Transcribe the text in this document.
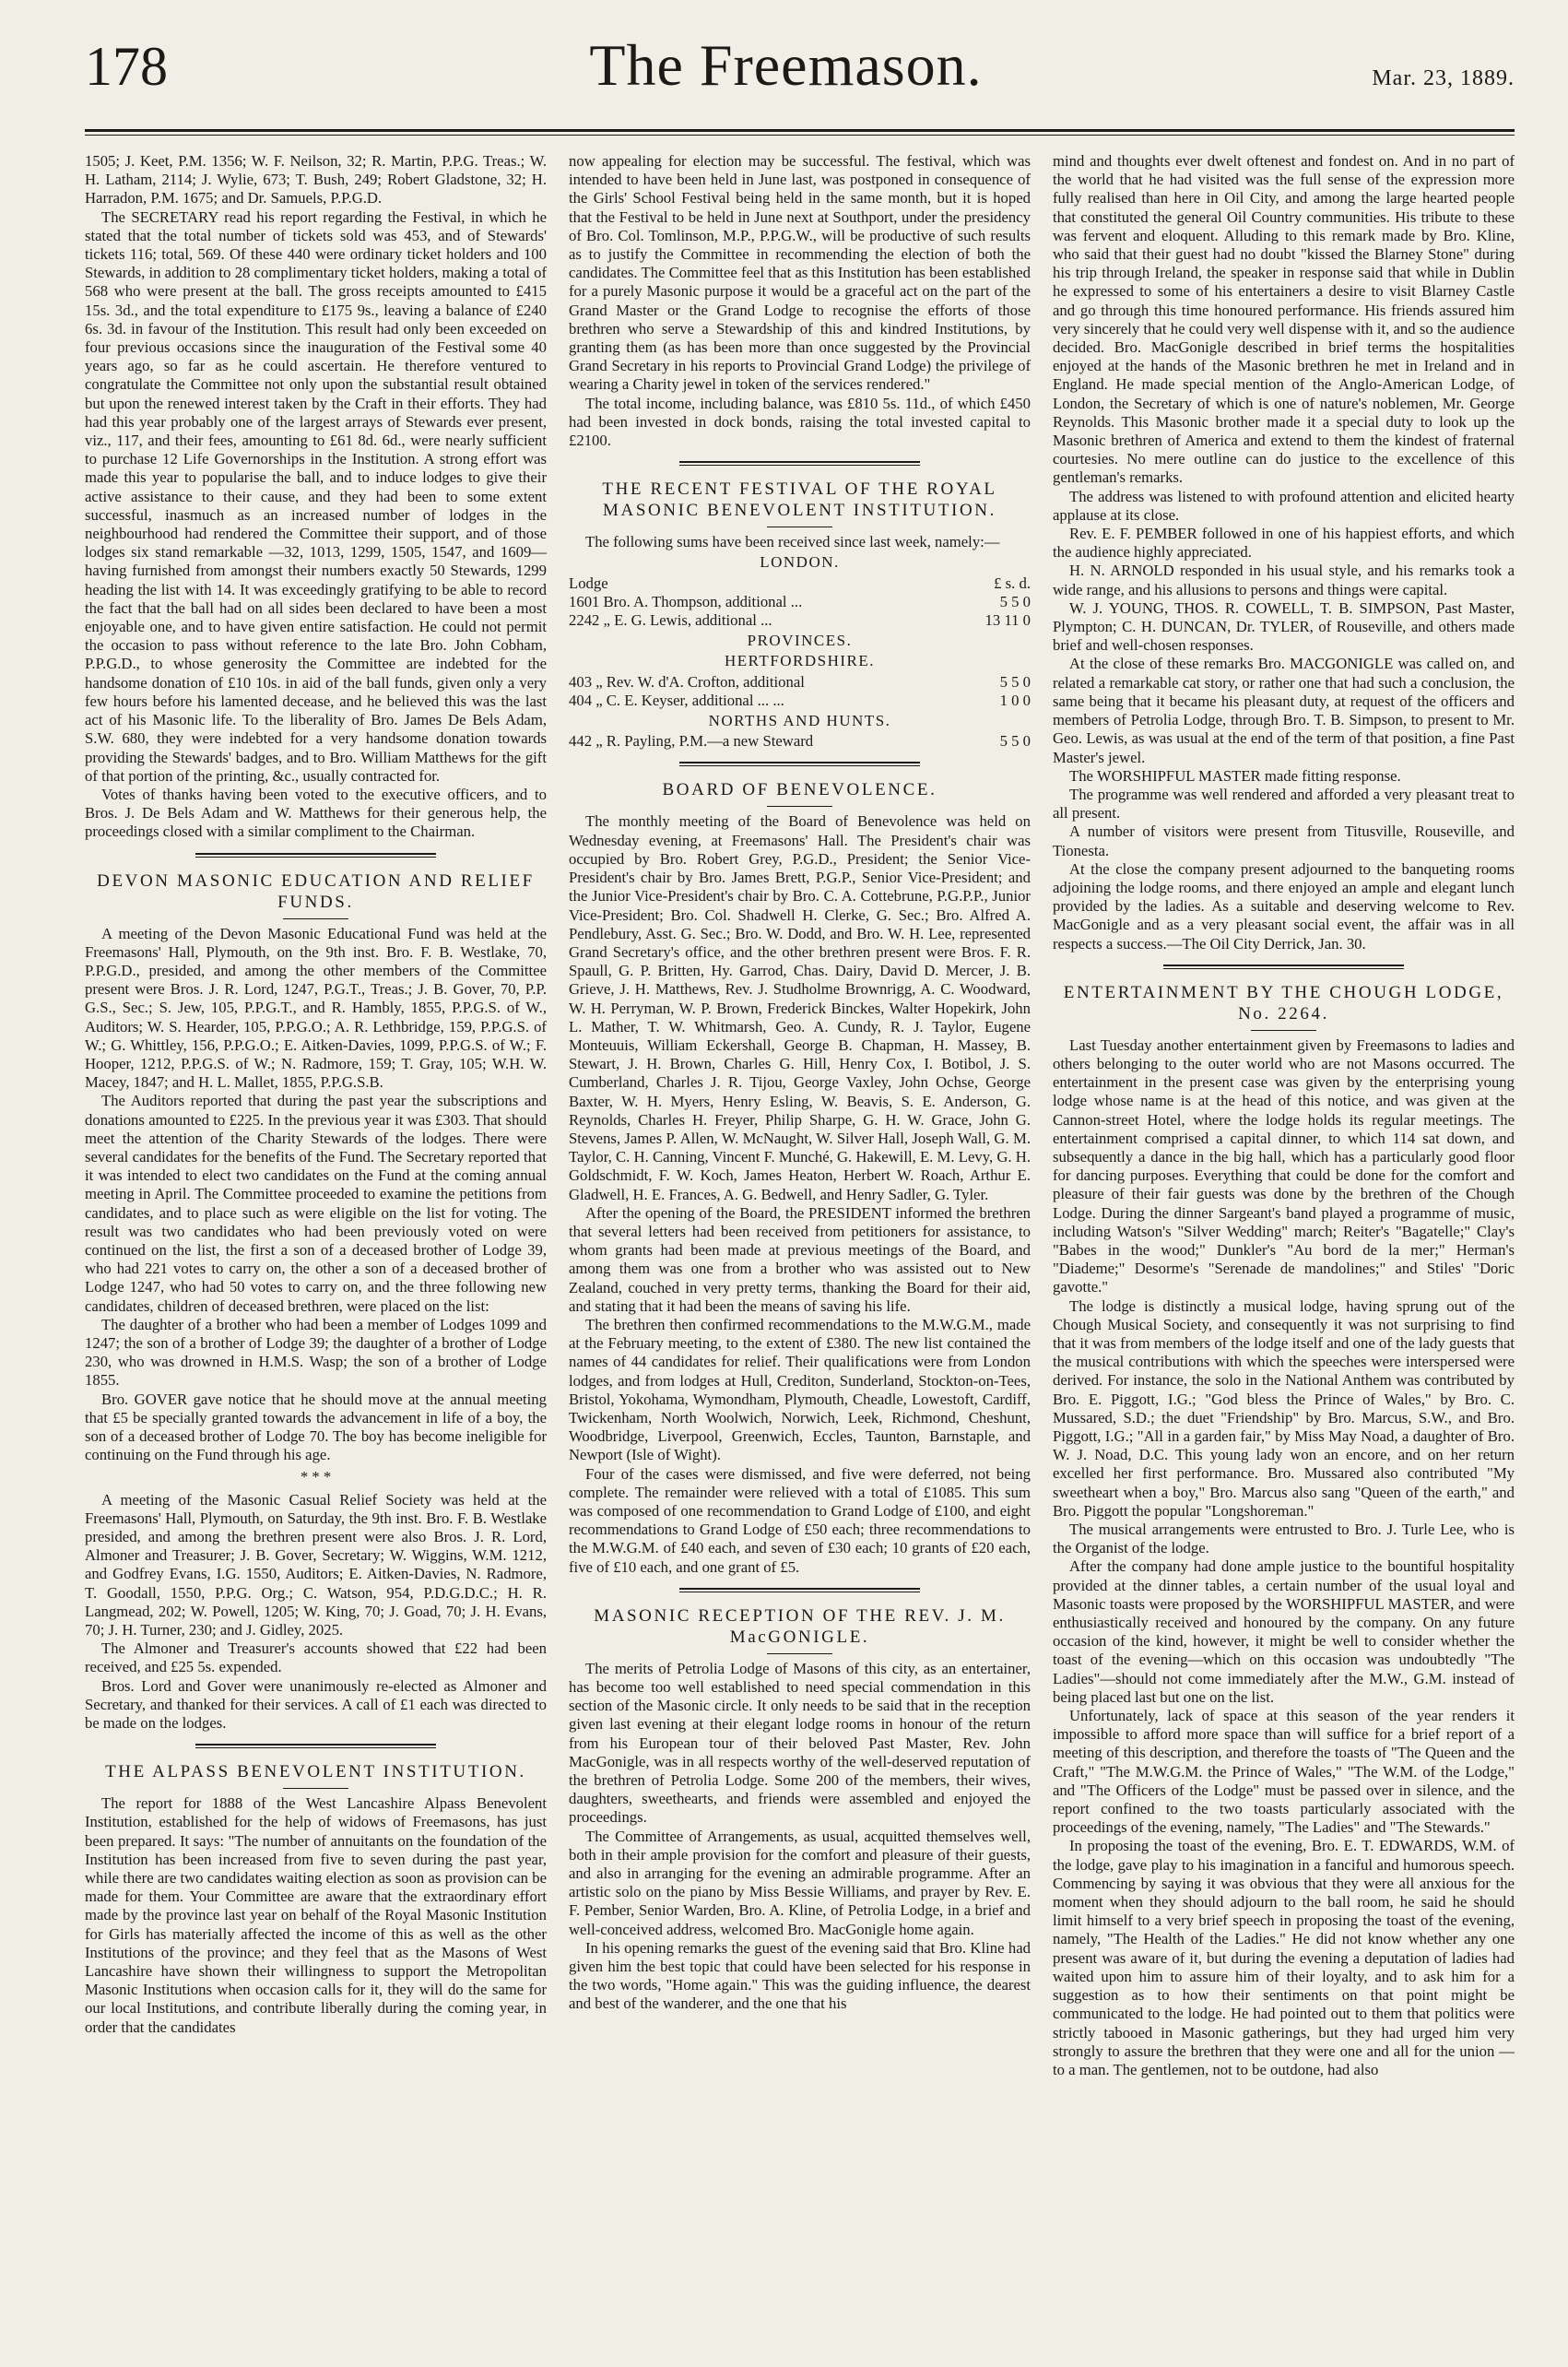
178	The Freemason.	Mar. 23, 1889.

1505; J. Keet, P.M. 1356; W. F. Neilson, 32; R. Martin, P.P.G. Treas.; W. H. Latham, 2114; J. Wylie, 673; T. Bush, 249; Robert Gladstone, 32; H. Harradon, P.M. 1675; and Dr. Samuels, P.P.G.D.

The SECRETARY read his report regarding the Festival, in which he stated that the total number of tickets sold was 453, and of Stewards' tickets 116; total, 569. Of these 440 were ordinary ticket holders and 100 Stewards, in addition to 28 complimentary ticket holders, making a total of 568 who were present at the ball. The gross receipts amounted to £415 15s. 3d., and the total expenditure to £175 9s., leaving a balance of £240 6s. 3d. in favour of the Institution. This result had only been exceeded on four previous occasions since the inauguration of the Festival some 40 years ago, so far as he could ascertain. He therefore ventured to congratulate the Committee not only upon the substantial result obtained but upon the renewed interest taken by the Craft in their efforts. They had had this year probably one of the largest arrays of Stewards ever present, viz., 117, and their fees, amounting to £61 8d. 6d., were nearly sufficient to purchase 12 Life Governorships in the Institution. A strong effort was made this year to popularise the ball, and to induce lodges to give their active assistance to their cause, and they had been to some extent successful, inasmuch as an increased number of lodges in the neighbourhood had rendered the Committee their support, and of those lodges six stand remarkable —32, 1013, 1299, 1505, 1547, and 1609—having furnished from amongst their numbers exactly 50 Stewards, 1299 heading the list with 14. It was exceedingly gratifying to be able to record the fact that the ball had on all sides been declared to have been a most enjoyable one, and to have given entire satisfaction. He could not permit the occasion to pass without reference to the late Bro. John Cobham, P.P.G.D., to whose generosity the Committee are indebted for the handsome donation of £10 10s. in aid of the ball funds, given only a very few hours before his lamented decease, and he believed this was the last act of his Masonic life. To the liberality of Bro. James De Bels Adam, S.W. 680, they were indebted for a very handsome donation towards providing the Stewards' badges, and to Bro. William Matthews for the gift of that portion of the printing, &c., usually contracted for.

Votes of thanks having been voted to the executive officers, and to Bros. J. De Bels Adam and W. Matthews for their generous help, the proceedings closed with a similar compliment to the Chairman.

DEVON MASONIC EDUCATION AND RELIEF FUNDS.

A meeting of the Devon Masonic Educational Fund was held at the Freemasons' Hall, Plymouth, on the 9th inst. Bro. F. B. Westlake, 70, P.P.G.D., presided, and among the other members of the Committee present were Bros. J. R. Lord, 1247, P.G.T., Treas.; J. B. Gover, 70, P.P. G.S., Sec.; S. Jew, 105, P.P.G.T., and R. Hambly, 1855, P.P.G.S. of W., Auditors; W. S. Hearder, 105, P.P.G.O.; A. R. Lethbridge, 159, P.P.G.S. of W.; G. Whittley, 156, P.P.G.O.; E. Aitken-Davies, 1099, P.P.G.S. of W.; F. Hooper, 1212, P.P.G.S. of W.; N. Radmore, 159; T. Gray, 105; W.H. W. Macey, 1847; and H. L. Mallet, 1855, P.P.G.S.B.

The Auditors reported that during the past year the subscriptions and donations amounted to £225. In the previous year it was £303. That should meet the attention of the Charity Stewards of the lodges. There were several candidates for the benefits of the Fund. The Secretary reported that it was intended to elect two candidates on the Fund at the coming annual meeting in April. The Committee proceeded to examine the petitions from candidates, and to place such as were eligible on the list for voting. The result was two candidates who had been previously voted on were continued on the list, the first a son of a deceased brother of Lodge 39, who had 221 votes to carry on, the other a son of a deceased brother of Lodge 1247, who had 50 votes to carry on, and the three following new candidates, children of deceased brethren, were placed on the list:

The daughter of a brother who had been a member of Lodges 1099 and 1247; the son of a brother of Lodge 39; the daughter of a brother of Lodge 230, who was drowned in H.M.S. Wasp; the son of a brother of Lodge 1855.

Bro. GOVER gave notice that he should move at the annual meeting that £5 be specially granted towards the advancement in life of a boy, the son of a deceased brother of Lodge 70. The boy has become ineligible for continuing on the Fund through his age.

* * *

A meeting of the Masonic Casual Relief Society was held at the Freemasons' Hall, Plymouth, on Saturday, the 9th inst. Bro. F. B. Westlake presided, and among the brethren present were also Bros. J. R. Lord, Almoner and Treasurer; J. B. Gover, Secretary; W. Wiggins, W.M. 1212, and Godfrey Evans, I.G. 1550, Auditors; E. Aitken-Davies, N. Radmore, T. Goodall, 1550, P.P.G. Org.; C. Watson, 954, P.D.G.D.C.; H. R. Langmead, 202; W. Powell, 1205; W. King, 70; J. Goad, 70; J. H. Evans, 70; J. H. Turner, 230; and J. Gidley, 2025.

The Almoner and Treasurer's accounts showed that £22 had been received, and £25 5s. expended.

Bros. Lord and Gover were unanimously re-elected as Almoner and Secretary, and thanked for their services. A call of £1 each was directed to be made on the lodges.

THE ALPASS BENEVOLENT INSTITUTION.

The report for 1888 of the West Lancashire Alpass Benevolent Institution, established for the help of widows of Freemasons, has just been prepared. It says: "The number of annuitants on the foundation of the Institution has been increased from five to seven during the past year, while there are two candidates waiting election as soon as provision can be made for them. Your Committee are aware that the extraordinary effort made by the province last year on behalf of the Royal Masonic Institution for Girls has materially affected the income of this as well as the other Institutions of the province; and they feel that as the Masons of West Lancashire have shown their willingness to support the Metropolitan Masonic Institutions when occasion calls for it, they will do the same for our local Institutions, and contribute liberally during the coming year, in order that the candidates

now appealing for election may be successful. The festival, which was intended to have been held in June last, was postponed in consequence of the Girls' School Festival being held in the same month, but it is hoped that the Festival to be held in June next at Southport, under the presidency of Bro. Col. Tomlinson, M.P., P.P.G.W., will be productive of such results as to justify the Committee in recommending the election of both the candidates. The Committee feel that as this Institution has been established for a purely Masonic purpose it would be a graceful act on the part of the Grand Master or the Grand Lodge to recognise the efforts of those brethren who serve a Stewardship of this and kindred Institutions, by granting them (as has been more than once suggested by the Provincial Grand Secretary in his reports to Provincial Grand Lodge) the privilege of wearing a Charity jewel in token of the services rendered."

The total income, including balance, was £810 5s. 11d., of which £450 had been invested in dock bonds, raising the total invested capital to £2100.

THE RECENT FESTIVAL OF THE ROYAL MASONIC BENEVOLENT INSTITUTION.

The following sums have been received since last week, namely:—

LONDON.
Lodge	£ s. d.
1601 Bro. A. Thompson, additional ...	5 5 0
2242 „ E. G. Lewis, additional ...	13 11 0
PROVINCES.
HERTFORDSHIRE.
403 „ Rev. W. d'A. Crofton, additional	5 5 0
404 „ C. E. Keyser, additional ... ...	1 0 0
NORTHS AND HUNTS.
442 „ R. Payling, P.M.—a new Steward	5 5 0
BOARD OF BENEVOLENCE.

The monthly meeting of the Board of Benevolence was held on Wednesday evening, at Freemasons' Hall. The President's chair was occupied by Bro. Robert Grey, P.G.D., President; the Senior Vice-President's chair by Bro. James Brett, P.G.P., Senior Vice-President; and the Junior Vice-President's chair by Bro. C. A. Cottebrune, P.G.P.P., Junior Vice-President; Bro. Col. Shadwell H. Clerke, G. Sec.; Bro. Alfred A. Pendlebury, Asst. G. Sec.; Bro. W. Dodd, and Bro. W. H. Lee, represented Grand Secretary's office, and the other brethren present were Bros. F. R. Spaull, G. P. Britten, Hy. Garrod, Chas. Dairy, David D. Mercer, J. B. Grieve, J. H. Matthews, Rev. J. Studholme Brownrigg, A. C. Woodward, W. H. Perryman, W. P. Brown, Frederick Binckes, Walter Hopekirk, John L. Mather, T. W. Whitmarsh, Geo. A. Cundy, R. J. Taylor, Eugene Monteuuis, William Eckershall, George B. Chapman, H. Massey, B. Stewart, J. H. Brown, Charles G. Hill, Henry Cox, I. Botibol, J. S. Cumberland, Charles J. R. Tijou, George Vaxley, John Ochse, George Baxter, W. H. Myers, Henry Esling, W. Beavis, S. E. Anderson, G. Reynolds, Charles H. Freyer, Philip Sharpe, G. H. W. Grace, John G. Stevens, James P. Allen, W. McNaught, W. Silver Hall, Joseph Wall, G. M. Taylor, C. H. Canning, Vincent F. Munché, G. Hakewill, E. M. Levy, G. H. Goldschmidt, F. W. Koch, James Heaton, Herbert W. Roach, Arthur E. Gladwell, H. E. Frances, A. G. Bedwell, and Henry Sadler, G. Tyler.

After the opening of the Board, the PRESIDENT informed the brethren that several letters had been received from petitioners for assistance, to whom grants had been made at previous meetings of the Board, and among them was one from a brother who was assisted out to New Zealand, couched in very pretty terms, thanking the Board for their aid, and stating that it had been the means of saving his life.

The brethren then confirmed recommendations to the M.W.G.M., made at the February meeting, to the extent of £380. The new list contained the names of 44 candidates for relief. Their qualifications were from London lodges, and from lodges at Hull, Crediton, Sunderland, Stockton-on-Tees, Bristol, Yokohama, Wymondham, Plymouth, Cheadle, Lowestoft, Cardiff, Twickenham, North Woolwich, Norwich, Leek, Richmond, Cheshunt, Woodbridge, Liverpool, Greenwich, Eccles, Taunton, Barnstaple, and Newport (Isle of Wight).

Four of the cases were dismissed, and five were deferred, not being complete. The remainder were relieved with a total of £1085. This sum was composed of one recommendation to Grand Lodge of £100, and eight recommendations to Grand Lodge of £50 each; three recommendations to the M.W.G.M. of £40 each, and seven of £30 each; 10 grants of £20 each, five of £10 each, and one grant of £5.

MASONIC RECEPTION OF THE REV. J. M. MacGONIGLE.

The merits of Petrolia Lodge of Masons of this city, as an entertainer, has become too well established to need special commendation in this section of the Masonic circle. It only needs to be said that in the reception given last evening at their elegant lodge rooms in honour of the return from his European tour of their beloved Past Master, Rev. John MacGonigle, was in all respects worthy of the well-deserved reputation of the brethren of Petrolia Lodge. Some 200 of the members, their wives, daughters, sweethearts, and friends were assembled and enjoyed the proceedings.

The Committee of Arrangements, as usual, acquitted themselves well, both in their ample provision for the comfort and pleasure of their guests, and also in arranging for the evening an admirable programme. After an artistic solo on the piano by Miss Bessie Williams, and prayer by Rev. E. F. Pember, Senior Warden, Bro. A. Kline, of Petrolia Lodge, in a brief and well-conceived address, welcomed Bro. MacGonigle home again.

In his opening remarks the guest of the evening said that Bro. Kline had given him the best topic that could have been selected for his response in the two words, "Home again." This was the guiding influence, the dearest and best of the wanderer, and the one that his

mind and thoughts ever dwelt oftenest and fondest on. And in no part of the world that he had visited was the full sense of the expression more fully realised than here in Oil City, and among the large hearted people that constituted the general Oil Country communities. His tribute to these was fervent and eloquent. Alluding to this remark made by Bro. Kline, who said that their guest had no doubt "kissed the Blarney Stone" during his trip through Ireland, the speaker in response said that while in Dublin he expressed to some of his entertainers a desire to visit Blarney Castle and go through this time honoured performance. His friends assured him very sincerely that he could very well dispense with it, and so the audience decided. Bro. MacGonigle described in brief terms the hospitalities enjoyed at the hands of the Masonic brethren he met in Ireland and in England. He made special mention of the Anglo-American Lodge, of London, the Secretary of which is one of nature's noblemen, Mr. George Reynolds. This Masonic brother made it a special duty to look up the Masonic brethren of America and extend to them the kindest of fraternal courtesies. No mere outline can do justice to the excellence of this gentleman's remarks.

The address was listened to with profound attention and elicited hearty applause at its close.

Rev. E. F. PEMBER followed in one of his happiest efforts, and which the audience highly appreciated.

H. N. ARNOLD responded in his usual style, and his remarks took a wide range, and his allusions to persons and things were capital.

W. J. YOUNG, THOS. R. COWELL, T. B. SIMPSON, Past Master, Plympton; C. H. DUNCAN, Dr. TYLER, of Rouseville, and others made brief and well-chosen responses.

At the close of these remarks Bro. MACGONIGLE was called on, and related a remarkable cat story, or rather one that had such a conclusion, the same being that it became his pleasant duty, at request of the officers and members of Petrolia Lodge, through Bro. T. B. Simpson, to present to Mr. Geo. Lewis, as was usual at the end of the term of that position, a fine Past Master's jewel.

The WORSHIPFUL MASTER made fitting response.

The programme was well rendered and afforded a very pleasant treat to all present.

A number of visitors were present from Titusville, Rouseville, and Tionesta.

At the close the company present adjourned to the banqueting rooms adjoining the lodge rooms, and there enjoyed an ample and elegant lunch provided by the ladies. As a suitable and deserving welcome to Rev. MacGonigle and as a very pleasant social event, the affair was in all respects a success.—The Oil City Derrick, Jan. 30.

ENTERTAINMENT BY THE CHOUGH LODGE, No. 2264.

Last Tuesday another entertainment given by Freemasons to ladies and others belonging to the outer world who are not Masons occurred. The entertainment in the present case was given by the enterprising young lodge whose name is at the head of this notice, and was given at the Cannon-street Hotel, where the lodge holds its regular meetings. The entertainment comprised a capital dinner, to which 114 sat down, and subsequently a dance in the big hall, which has a particularly good floor for dancing purposes. Everything that could be done for the comfort and pleasure of their fair guests was done by the brethren of the Chough Lodge. During the dinner Sargeant's band played a programme of music, including Watson's "Silver Wedding" march; Reiter's "Bagatelle;" Clay's "Babes in the wood;" Dunkler's "Au bord de la mer;" Herman's "Diademe;" Desorme's "Serenade de mandolines;" and Stiles' "Doric gavotte."

The lodge is distinctly a musical lodge, having sprung out of the Chough Musical Society, and consequently it was not surprising to find that it was from members of the lodge itself and one of the lady guests that the musical contributions with which the speeches were interspersed were derived. For instance, the solo in the National Anthem was contributed by Bro. E. Piggott, I.G.; "God bless the Prince of Wales," by Bro. C. Mussared, S.D.; the duet "Friendship" by Bro. Marcus, S.W., and Bro. Piggott, I.G.; "All in a garden fair," by Miss May Noad, a daughter of Bro. W. J. Noad, D.C. This young lady won an encore, and on her return excelled her first performance. Bro. Mussared also contributed "My sweetheart when a boy," Bro. Marcus also sang "Queen of the earth," and Bro. Piggott the popular "Longshoreman."

The musical arrangements were entrusted to Bro. J. Turle Lee, who is the Organist of the lodge.

After the company had done ample justice to the bountiful hospitality provided at the dinner tables, a certain number of the usual loyal and Masonic toasts were proposed by the WORSHIPFUL MASTER, and were enthusiastically received and honoured by the company. On any future occasion of the kind, however, it might be well to consider whether the toast of the evening—which on this occasion was undoubtedly "The Ladies"—should not come immediately after the M.W., G.M. instead of being placed last but one on the list.

Unfortunately, lack of space at this season of the year renders it impossible to afford more space than will suffice for a brief report of a meeting of this description, and therefore the toasts of "The Queen and the Craft," "The M.W.G.M. the Prince of Wales," "The W.M. of the Lodge," and "The Officers of the Lodge" must be passed over in silence, and the report confined to the two toasts particularly associated with the proceedings of the evening, namely, "The Ladies" and "The Stewards."

In proposing the toast of the evening, Bro. E. T. EDWARDS, W.M. of the lodge, gave play to his imagination in a fanciful and humorous speech. Commencing by saying it was obvious that they were all anxious for the moment when they should adjourn to the ball room, he said he should limit himself to a very brief speech in proposing the toast of the evening, namely, "The Health of the Ladies." He did not know whether any one present was aware of it, but during the evening a deputation of ladies had waited upon him to assure him of their loyalty, and to ask him for a suggestion as to how their sentiments on that point might be communicated to the lodge. He had pointed out to them that politics were strictly tabooed in Masonic gatherings, but they had urged him very strongly to assure the brethren that they were one and all for the union —to a man. The gentlemen, not to be outdone, had also
